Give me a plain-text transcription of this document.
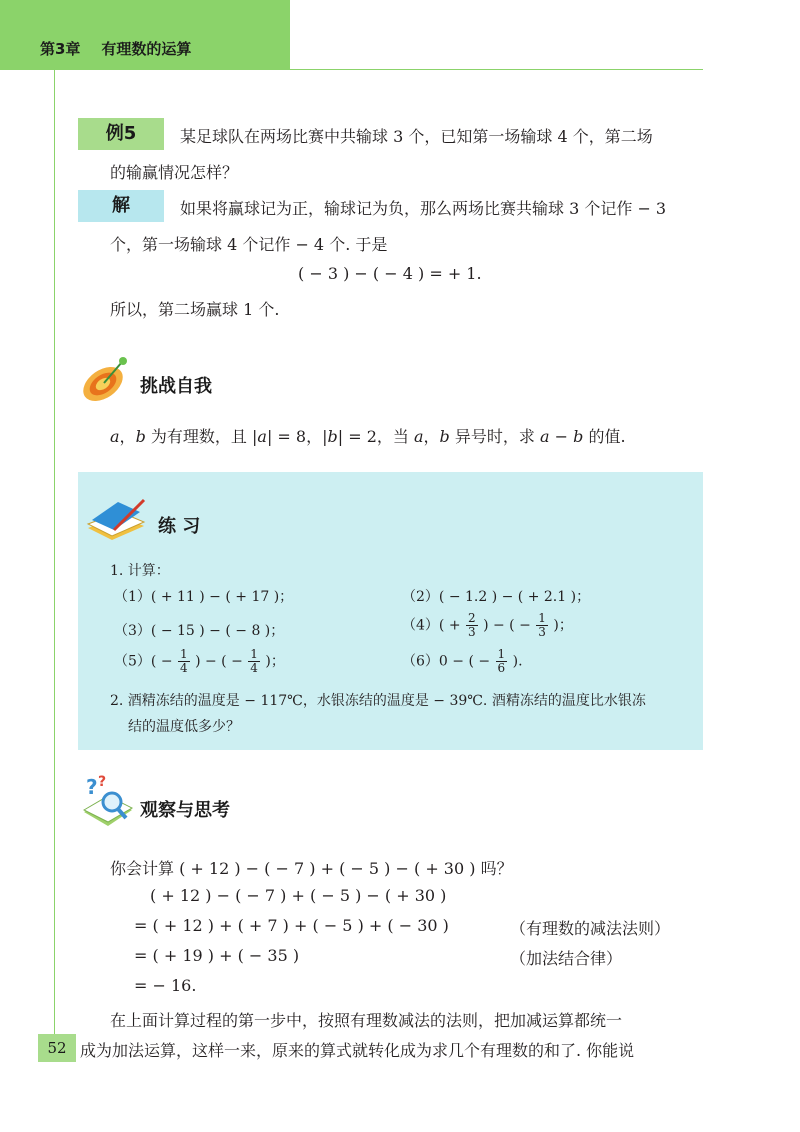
第3章    有理数的运算
例5	某足球队在两场比赛中共输球 3 个，已知第一场输球 4 个，第二场
的输赢情况怎样？
解	如果将赢球记为正，输球记为负，那么两场比赛共输球 3 个记作 − 3
个，第一场输球 4 个记作 − 4 个. 于是
( − 3 ) − ( − 4 ) = + 1.
所以，第二场赢球 1 个.
挑战自我
a，b 为有理数，且 |a| = 8，|b| = 2，当 a，b 异号时，求 a − b 的值.
练 习
1. 计算：
（1）( + 11 ) − ( + 17 )；	（2）( − 1.2 ) − ( + 2.1 )；
（3）( − 15 ) − ( − 8 )；	$(4)( + \frac{2}{3}$ ) − ( − $\frac{1}{3}$ )；
$(5)( - \frac{1}{4}$ ) − ( − $\frac{1}{4}$ )；	（6）0 − ( − $\frac{1}{6}$ ).
2. 酒精冻结的温度是 − 117℃，水银冻结的温度是 − 39℃. 酒精冻结的温度比水银冻
结的温度低多少？
? ?
观察与思考
你会计算 ( + 12 ) − ( − 7 ) + ( − 5 ) − ( + 30 ) 吗？
( + 12 ) − ( − 7 ) + ( − 5 ) − ( + 30 )
= ( + 12 ) + ( + 7 ) + ( − 5 ) + ( − 30 )	（有理数的减法法则）
= ( + 19 ) + ( − 35 )	（加法结合律）
= − 16.
在上面计算过程的第一步中，按照有理数减法的法则，把加减运算都统一
成为加法运算，这样一来，原来的算式就转化成为求几个有理数的和了. 你能说
52
